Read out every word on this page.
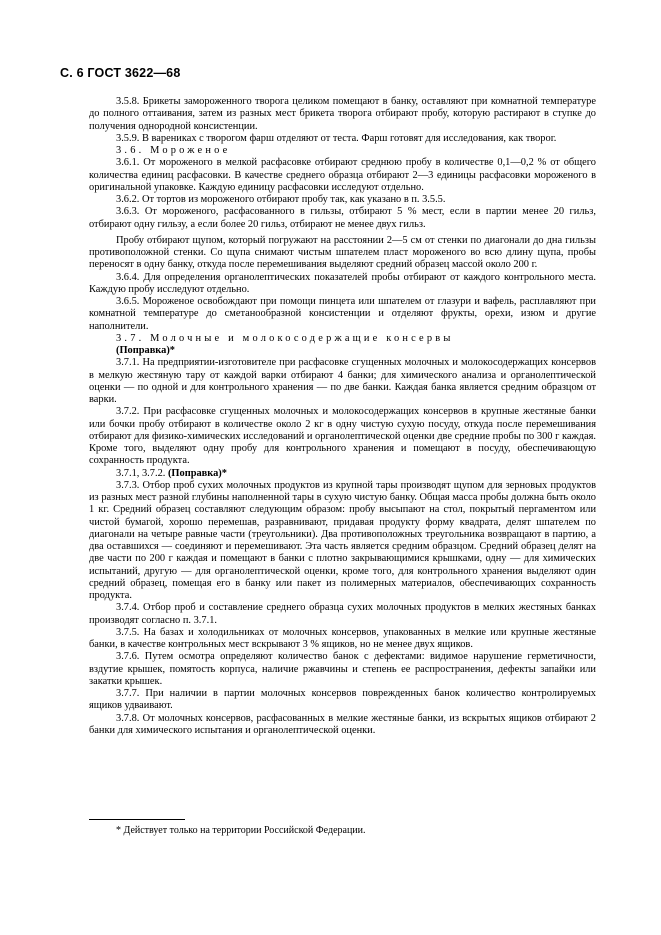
С. 6 ГОСТ 3622—68

3.5.8. Брикеты замороженного творога целиком помещают в банку, оставляют при комнатной температуре до полного оттаивания, затем из разных мест брикета творога отбирают пробу, которую растирают в ступке до получения однородной консистенции.

3.5.9. В варениках с творогом фарш отделяют от теста. Фарш готовят для исследования, как творог.

3.6. Мороженое

3.6.1. От мороженого в мелкой расфасовке отбирают среднюю пробу в количестве 0,1—0,2 % от общего количества единиц расфасовки. В качестве среднего образца отбирают 2—3 единицы расфасовки мороженого в оригинальной упаковке. Каждую единицу расфасовки исследуют отдельно.

3.6.2. От тортов из мороженого отбирают пробу так, как указано в п. 3.5.5.

3.6.3. От мороженого, расфасованного в гильзы, отбирают 5 % мест, если в партии менее 20 гильз, отбирают одну гильзу, а если более 20 гильз, отбирают не менее двух гильз.

Пробу отбирают щупом, который погружают на расстоянии 2—5 см от стенки по диагонали до дна гильзы противоположной стенки. Со щупа снимают чистым шпателем пласт мороженого во всю длину щупа, пробы переносят в одну банку, откуда после перемешивания выделяют средний образец массой около 200 г.

3.6.4. Для определения органолептических показателей пробы отбирают от каждого контрольного места. Каждую пробу исследуют отдельно.

3.6.5. Мороженое освобождают при помощи пинцета или шпателем от глазури и вафель, расплавляют при комнатной температуре до сметанообразной консистенции и отделяют фрукты, орехи, изюм и другие наполнители.

3.7. Молочные и молокосодержащие консервы

(Поправка)*

3.7.1. На предприятии-изготовителе при расфасовке сгущенных молочных и молокосодержащих консервов в мелкую жестяную тару от каждой варки отбирают 4 банки; для химического анализа и органолептической оценки — по одной и для контрольного хранения — по две банки. Каждая банка является средним образцом от варки.

3.7.2. При расфасовке сгущенных молочных и молокосодержащих консервов в крупные жестяные банки или бочки пробу отбирают в количестве около 2 кг в одну чистую сухую посуду, откуда после перемешивания отбирают для физико-химических исследований и органолептической оценки две средние пробы по 300 г каждая. Кроме того, выделяют одну пробу для контрольного хранения и помещают в посуду, обеспечивающую сохранность продукта.

3.7.1, 3.7.2. (Поправка)*

3.7.3. Отбор проб сухих молочных продуктов из крупной тары производят щупом для зерновых продуктов из разных мест разной глубины наполненной тары в сухую чистую банку. Общая масса пробы должна быть около 1 кг. Средний образец составляют следующим образом: пробу высыпают на стол, покрытый пергаментом или чистой бумагой, хорошо перемешав, разравнивают, придавая продукту форму квадрата, делят шпателем по диагонали на четыре равные части (треугольники). Два противоположных треугольника возвращают в партию, а два оставшихся — соединяют и перемешивают. Эта часть является средним образцом. Средний образец делят на две части по 200 г каждая и помещают в банки с плотно закрывающимися крышками, одну — для химических испытаний, другую — для органолептической оценки, кроме того, для контрольного хранения выделяют один средний образец, помещая его в банку или пакет из полимерных материалов, обеспечивающих сохранность продукта.

3.7.4. Отбор проб и составление среднего образца сухих молочных продуктов в мелких жестяных банках производят согласно п. 3.7.1.

3.7.5. На базах и холодильниках от молочных консервов, упакованных в мелкие или крупные жестяные банки, в качестве контрольных мест вскрывают 3 % ящиков, но не менее двух ящиков.

3.7.6. Путем осмотра определяют количество банок с дефектами: видимое нарушение герметичности, вздутие крышек, помятость корпуса, наличие ржавчины и степень ее распространения, дефекты запайки или закатки крышек.

3.7.7. При наличии в партии молочных консервов поврежденных банок количество контролируемых ящиков удваивают.

3.7.8. От молочных консервов, расфасованных в мелкие жестяные банки, из вскрытых ящиков отбирают 2 банки для химического испытания и органолептической оценки.

* Действует только на территории Российской Федерации.
